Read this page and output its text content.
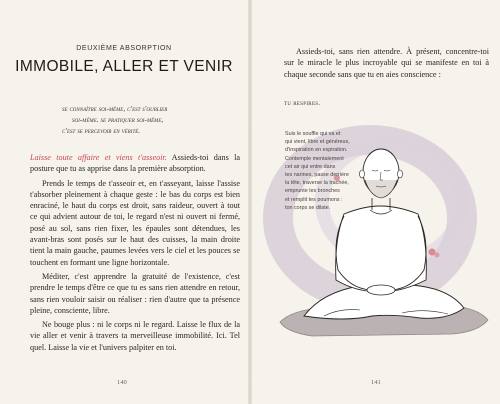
DEUXIÈME ABSORPTION
IMMOBILE, ALLER ET VENIR
se connaître soi-même, c'est s'oublier
soi-même. se pratiquer soi-même,
c'est se percevoir en vérité.

Laisse toute affaire et viens t'asseoir. Assieds-toi dans la posture que tu as apprise dans la première absorption.

Prends le temps de t'asseoir et, en t'asseyant, laisse l'assise t'absorber pleinement à chaque geste : le bas du corps est bien enraciné, le haut du corps est droit, sans raideur, ouvert à tout ce qui advient autour de toi, le regard n'est ni ouvert ni fermé, posé au sol, sans rien fixer, les épaules sont détendues, les avant-bras sont posés sur le haut des cuisses, la main droite tient la main gauche, paumes levées vers le ciel et les pouces se touchent en formant une ligne horizontale.

Méditer, c'est apprendre la gratuité de l'existence, c'est prendre le temps d'être ce que tu es sans rien attendre en retour, sans rien vouloir saisir ou réaliser : rien d'autre que ta présence pleine, consciente, libre.

Ne bouge plus : ni le corps ni le regard. Laisse le flux de la vie aller et venir à travers ta merveilleuse immobilité. Ici. Tel quel. Laisse la vie et l'univers palpiter en toi.

140

Assieds-toi, sans rien attendre. À présent, concentre-toi sur le miracle le plus incroyable qui se manifeste en toi à chaque seconde sans que tu en aies conscience :

tu respires.
Suis le souffle qui va et
qui vient, libre et généreux,
d'inspiration en expiration.
Contemple mentalement
cet air qui entre dans
tes narines, passe derrière
la tête, traverse la trachée,
emprunte les bronches
et remplit tes poumons :
ton corps se dilate.
141
